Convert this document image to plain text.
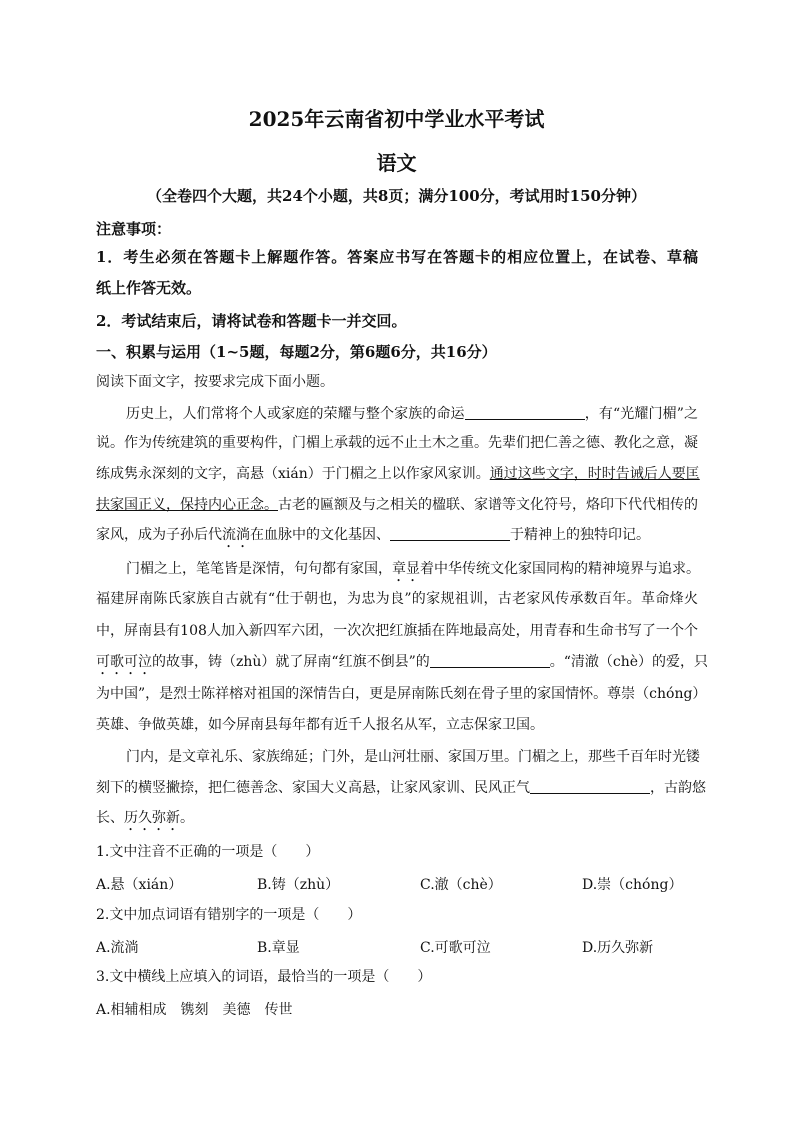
2025年云南省初中学业水平考试
语文
（全卷四个大题，共24个小题，共8页；满分100分，考试用时150分钟）
注意事项：
1．考生必须在答题卡上解题作答。答案应书写在答题卡的相应位置上，在试卷、草稿
纸上作答无效。
2．考试结束后，请将试卷和答题卡一并交回。
一、积累与运用（1~5题，每题2分，第6题6分，共16分）
阅读下面文字，按要求完成下面小题。
历史上，人们常将个人或家庭的荣耀与整个家族的命运	，有“光耀门楣”之
说。作为传统建筑的重要构件，门楣上承载的远不止土木之重。先辈们把仁善之德、教化之意，凝
练成隽永深刻的文字，高悬（xián）于门楣之上以作家风家训。通过这些文字，时时告诫后人要匡
扶家国正义，保持内心正念。古老的匾额及与之相关的楹联、家谱等文化符号，烙印下代代相传的
家风，成为子孙后代流淌在血脉中的文化基因、	于精神上的独特印记。
门楣之上，笔笔皆是深情，句句都有家国，章显着中华传统文化家国同构的精神境界与追求。
福建屏南陈氏家族自古就有“仕于朝也，为忠为良”的家规祖训，古老家风传承数百年。革命烽火
中，屏南县有108人加入新四军六团，一次次把红旗插在阵地最高处，用青春和生命书写了一个个
可歌可泣的故事，铸（zhù）就了屏南“红旗不倒县”的	。“清澈（chè）的爱，只
为中国”，是烈士陈祥榕对祖国的深情告白，更是屏南陈氏刻在骨子里的家国情怀。尊崇（chóng）
英雄、争做英雄，如今屏南县每年都有近千人报名从军，立志保家卫国。
门内，是文章礼乐、家族绵延；门外，是山河壮丽、家国万里。门楣之上，那些千百年时光镂
刻下的横竖撇捺，把仁德善念、家国大义高悬，让家风家训、民风正气	，古韵悠
长、历久弥新。
1.文中注音不正确的一项是（　　）
A.悬（xián）	B.铸（zhù）	C.澈（chè）	D.崇（chóng）
2.文中加点词语有错别字的一项是（　　）
A.流淌	B.章显	C.可歌可泣	D.历久弥新
3.文中横线上应填入的词语，最恰当的一项是（　　）
A.相辅相成　镌刻　美德　传世
